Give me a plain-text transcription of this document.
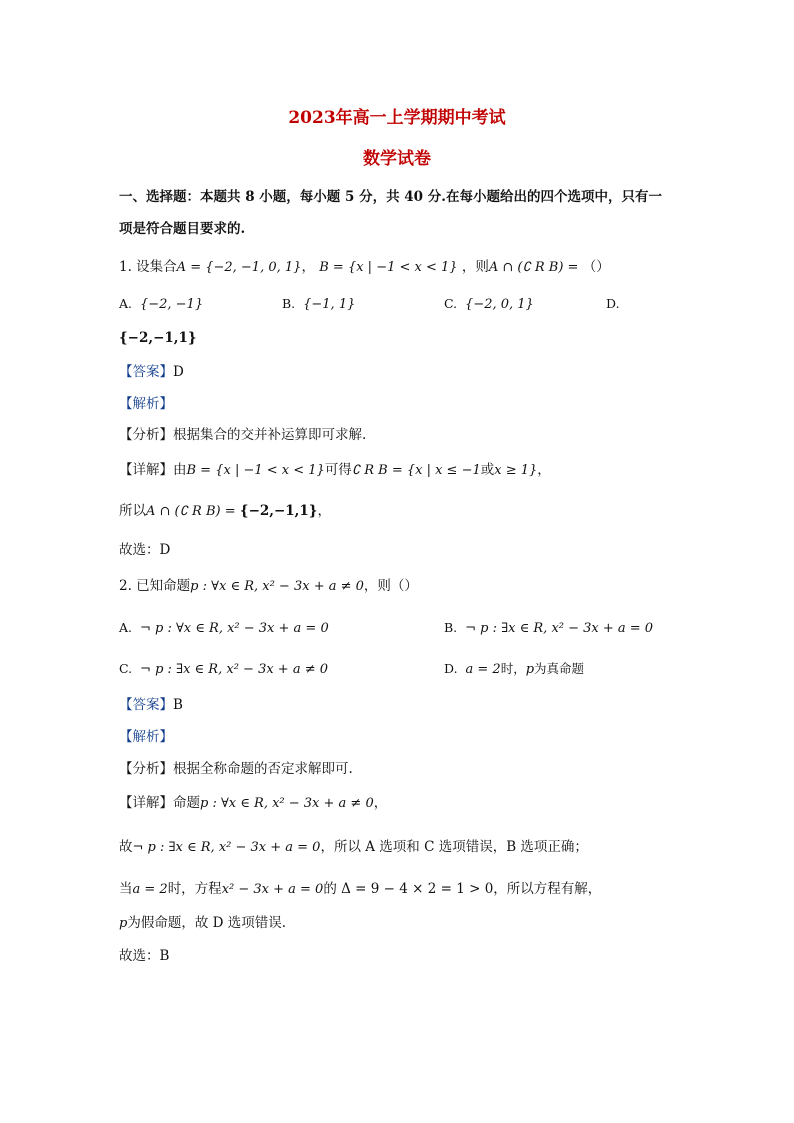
2023年高一上学期期中考试
数学试卷
一、选择题：本题共 8 小题，每小题 5 分，共 40 分.在每小题给出的四个选项中，只有一
项是符合题目要求的.
1. 设集合A = {−2, −1, 0, 1}， B = {x | −1 < x < 1} ，则A ∩ (∁ R B) = （）
A. {−2, −1}	B. {−1, 1}	C. {−2, 0, 1}	D.
{−2,−1,1}
【答案】D
【解析】
【分析】根据集合的交并补运算即可求解.
【详解】由B = {x | −1 < x < 1}可得∁ R B = {x | x ≤ −1或x ≥ 1}，
所以A ∩ (∁ R B) = {−2,−1,1}，
故选：D
2. 已知命题p : ∀x ∈ R, x² − 3x + a ≠ 0，则（）
A. ¬ p : ∀x ∈ R, x² − 3x + a = 0	B. ¬ p : ∃x ∈ R, x² − 3x + a = 0
C. ¬ p : ∃x ∈ R, x² − 3x + a ≠ 0	D. a = 2时，p为真命题
【答案】B
【解析】
【分析】根据全称命题的否定求解即可.
【详解】命题p : ∀x ∈ R, x² − 3x + a ≠ 0，
故¬ p : ∃x ∈ R, x² − 3x + a = 0，所以 A 选项和 C 选项错误，B 选项正确；
当a = 2时，方程x² − 3x + a = 0的 Δ = 9 − 4 × 2 = 1 > 0，所以方程有解，
p为假命题，故 D 选项错误.
故选：B
